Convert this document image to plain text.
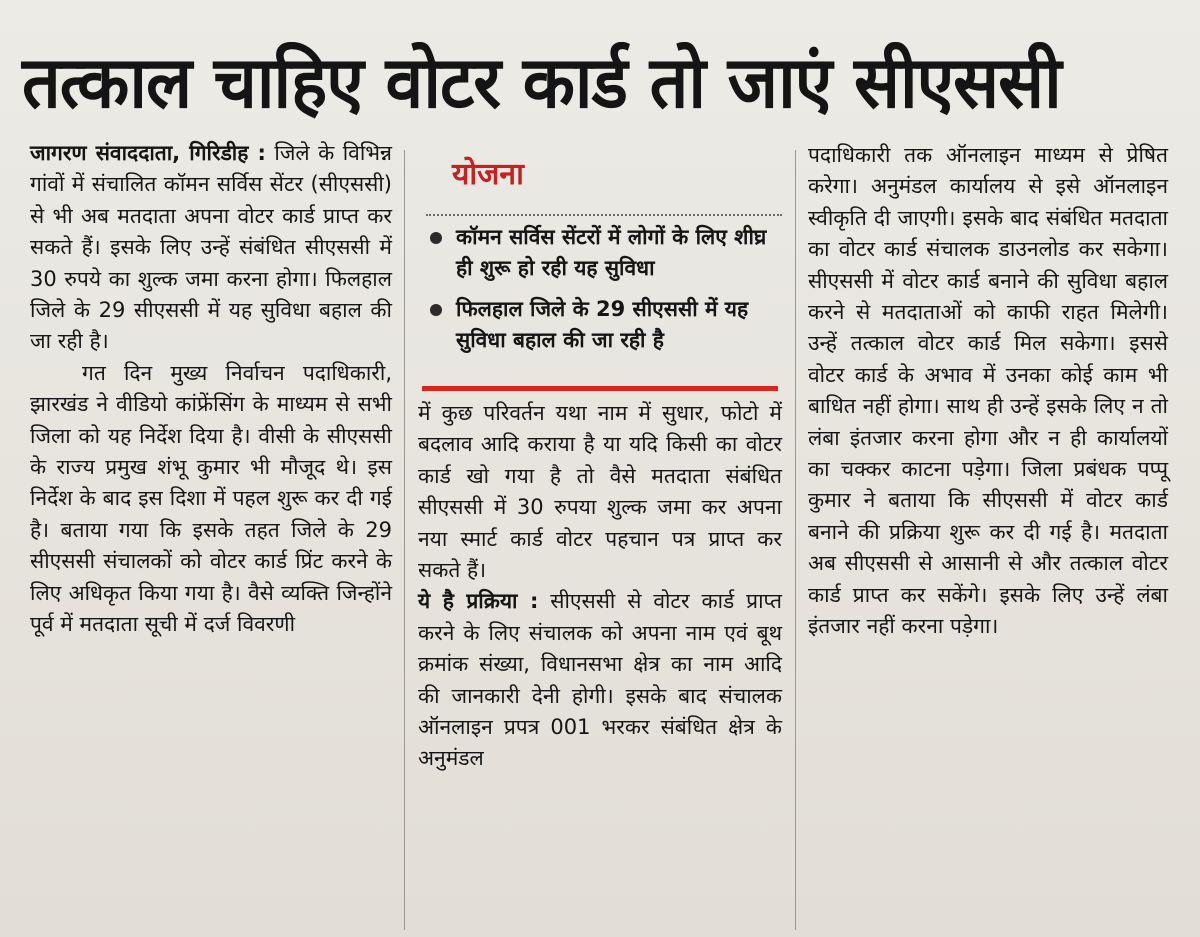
तत्काल चाहिए वोटर कार्ड तो जाएं सीएससी

जागरण संवाददाता, गिरिडीह : जिले के विभिन्न गांवों में संचालित कॉमन सर्विस सेंटर (सीएससी) से भी अब मतदाता अपना वोटर कार्ड प्राप्त कर सकते हैं। इसके लिए उन्हें संबंधित सीएससी में 30 रुपये का शुल्क जमा करना होगा। फिलहाल जिले के 29 सीएससी में यह सुविधा बहाल की जा रही है।

गत दिन मुख्य निर्वाचन पदाधिकारी, झारखंड ने वीडियो कांफ्रेंसिंग के माध्यम से सभी जिला को यह निर्देश दिया है। वीसी के सीएससी के राज्य प्रमुख शंभू कुमार भी मौजूद थे। इस निर्देश के बाद इस दिशा में पहल शुरू कर दी गई है। बताया गया कि इसके तहत जिले के 29 सीएससी संचालकों को वोटर कार्ड प्रिंट करने के लिए अधिकृत किया गया है। वैसे व्यक्ति जिन्होंने पूर्व में मतदाता सूची में दर्ज विवरणी

योजना
कॉमन सर्विस सेंटरों में लोगों के लिए शीघ्र ही शुरू हो रही यह सुविधा
फिलहाल जिले के 29 सीएससी में यह सुविधा बहाल की जा रही है

में कुछ परिवर्तन यथा नाम में सुधार, फोटो में बदलाव आदि कराया है या यदि किसी का वोटर कार्ड खो गया है तो वैसे मतदाता संबंधित सीएससी में 30 रुपया शुल्क जमा कर अपना नया स्मार्ट कार्ड वोटर पहचान पत्र प्राप्त कर सकते हैं।

ये है प्रक्रिया : सीएससी से वोटर कार्ड प्राप्त करने के लिए संचालक को अपना नाम एवं बूथ क्रमांक संख्या, विधानसभा क्षेत्र का नाम आदि की जानकारी देनी होगी। इसके बाद संचालक ऑनलाइन प्रपत्र 001 भरकर संबंधित क्षेत्र के अनुमंडल

पदाधिकारी तक ऑनलाइन माध्यम से प्रेषित करेगा। अनुमंडल कार्यालय से इसे ऑनलाइन स्वीकृति दी जाएगी। इसके बाद संबंधित मतदाता का वोटर कार्ड संचालक डाउनलोड कर सकेगा। सीएससी में वोटर कार्ड बनाने की सुविधा बहाल करने से मतदाताओं को काफी राहत मिलेगी। उन्हें तत्काल वोटर कार्ड मिल सकेगा। इससे वोटर कार्ड के अभाव में उनका कोई काम भी बाधित नहीं होगा। साथ ही उन्हें इसके लिए न तो लंबा इंतजार करना होगा और न ही कार्यालयों का चक्कर काटना पड़ेगा। जिला प्रबंधक पप्पू कुमार ने बताया कि सीएससी में वोटर कार्ड बनाने की प्रक्रिया शुरू कर दी गई है। मतदाता अब सीएससी से आसानी से और तत्काल वोटर कार्ड प्राप्त कर सकेंगे। इसके लिए उन्हें लंबा इंतजार नहीं करना पड़ेगा।
